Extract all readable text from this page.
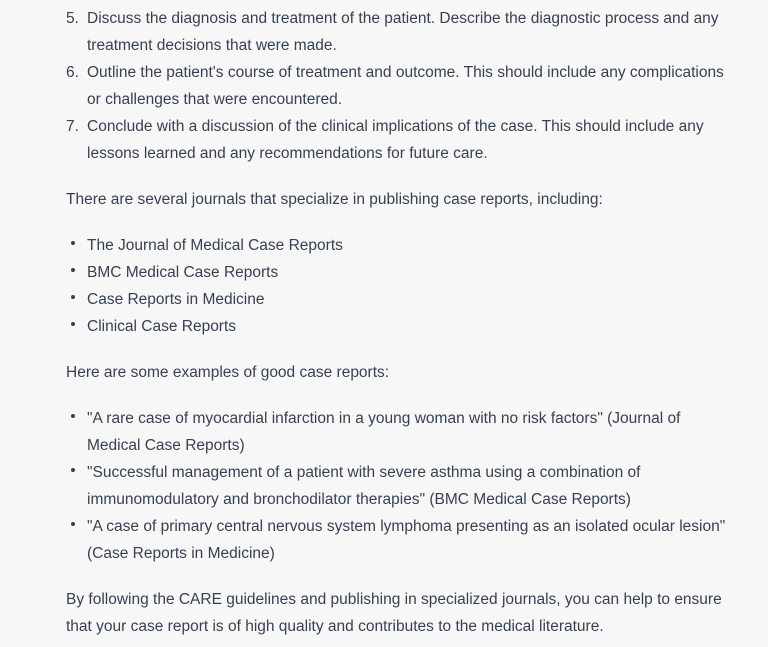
5. Discuss the diagnosis and treatment of the patient. Describe the diagnostic process and any treatment decisions that were made.
6. Outline the patient's course of treatment and outcome. This should include any complications or challenges that were encountered.
7. Conclude with a discussion of the clinical implications of the case. This should include any lessons learned and any recommendations for future care.

There are several journals that specialize in publishing case reports, including:

The Journal of Medical Case Reports
BMC Medical Case Reports
Case Reports in Medicine
Clinical Case Reports

Here are some examples of good case reports:

"A rare case of myocardial infarction in a young woman with no risk factors" (Journal of Medical Case Reports)
"Successful management of a patient with severe asthma using a combination of immunomodulatory and bronchodilator therapies" (BMC Medical Case Reports)
"A case of primary central nervous system lymphoma presenting as an isolated ocular lesion" (Case Reports in Medicine)

By following the CARE guidelines and publishing in specialized journals, you can help to ensure that your case report is of high quality and contributes to the medical literature.
